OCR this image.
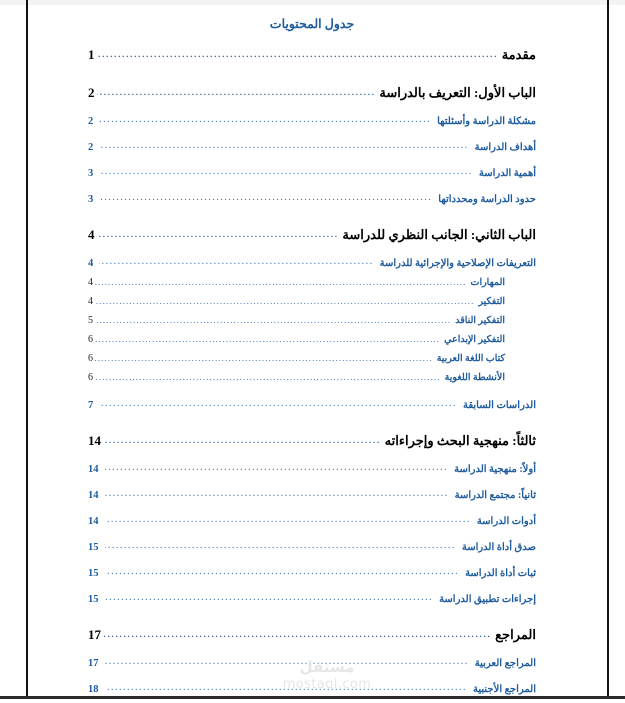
جدول المحتويات
مقدمة
.....
1
الباب الأول: التعريف بالدراسة
.....
2
مشكلة الدراسة وأسئلتها
.....
2
أهداف الدراسة
.....
2
أهمية الدراسة
.....
3
حدود الدراسة ومحدداتها
.....
3
الباب الثاني: الجانب النظري للدراسة
.....
4
التعريفات الإصلاحية والإجرائية للدراسة
.....
4
المهارات
.....
4
التفكير
.....
4
التفكير الناقد
.....
5
التفكير الإبداعي
.....
6
كتاب اللغة العربية
.....
6
الأنشطة اللغوية
.....
6
الدراسات السابقة
.....
7
ثالثاً: منهجية البحث وإجراءاته
.....
14
أولاً: منهجية الدراسة
.....
14
ثانياً: مجتمع الدراسة
.....
14
أدوات الدراسة
.....
14
صدق أداة الدراسة
.....
15
ثبات أداة الدراسة
.....
15
إجراءات تطبيق الدراسة
.....
15
المراجع
.....
17
المراجع العربية
.....
17
المراجع الأجنبية
.....
18
مستقل
mostaql.com
